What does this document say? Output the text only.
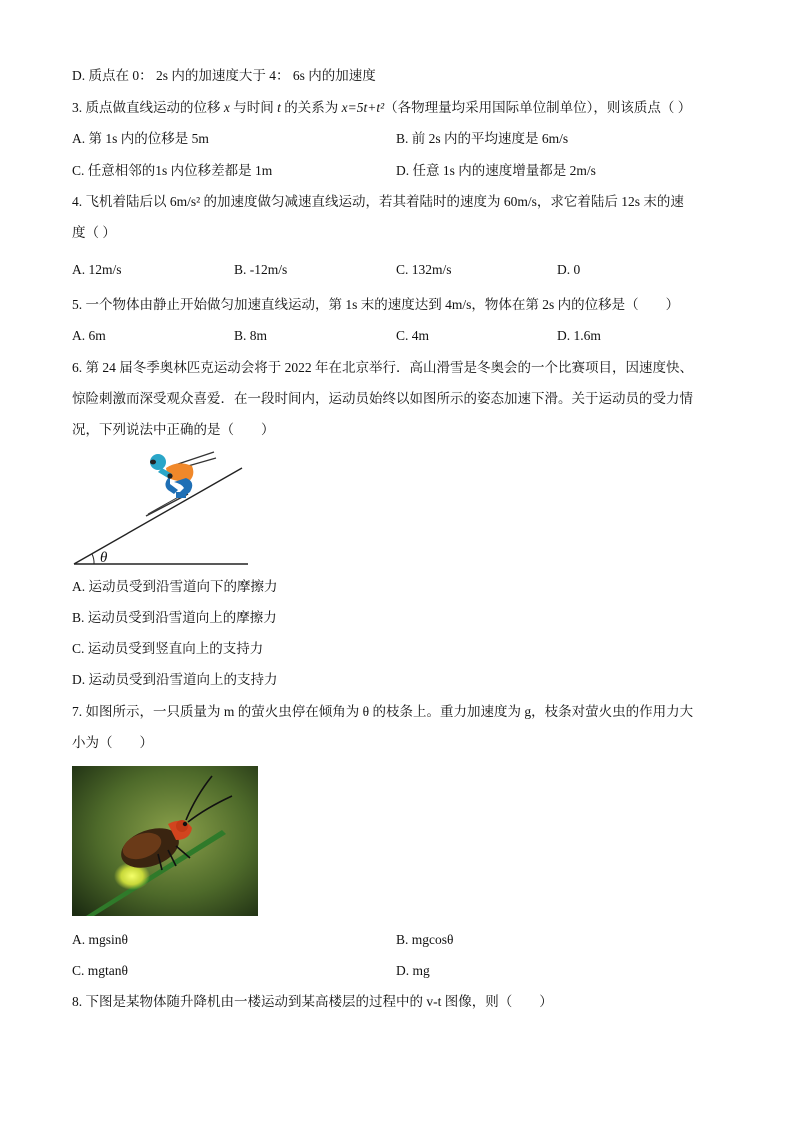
D. 质点在 0： 2s 内的加速度大于 4： 6s 内的加速度
3. 质点做直线运动的位移 x 与时间 t 的关系为 x=5t+t²（各物理量均采用国际单位制单位），则该质点（ ）
A. 第 1s 内的位移是 5m	B. 前 2s 内的平均速度是 6m/s
C. 任意相邻的1s 内位移差都是 1m	D. 任意 1s 内的速度增量都是 2m/s
4. 飞机着陆后以 6m/s² 的加速度做匀减速直线运动，若其着陆时的速度为 60m/s，求它着陆后 12s 末的速
度（ ）
A. 12m/s	B. -12m/s	C. 132m/s	D. 0
5. 一个物体由静止开始做匀加速直线运动，第 1s 末的速度达到 4m/s，物体在第 2s 内的位移是（　　）
A. 6m	B. 8m	C. 4m	D. 1.6m
6. 第 24 届冬季奥林匹克运动会将于 2022 年在北京举行．高山滑雪是冬奥会的一个比赛项目，因速度快、
惊险刺激而深受观众喜爱．在一段时间内，运动员始终以如图所示的姿态加速下滑。关于运动员的受力情
况，下列说法中正确的是（　　）
θ
A. 运动员受到沿雪道向下的摩擦力
B. 运动员受到沿雪道向上的摩擦力
C. 运动员受到竖直向上的支持力
D. 运动员受到沿雪道向上的支持力
7. 如图所示，一只质量为 m 的萤火虫停在倾角为 θ 的枝条上。重力加速度为 g，枝条对萤火虫的作用力大
小为（　　）
A. mgsinθ	B. mgcosθ
C. mgtanθ	D. mg
8. 下图是某物体随升降机由一楼运动到某高楼层的过程中的 v-t 图像，则（　　）
